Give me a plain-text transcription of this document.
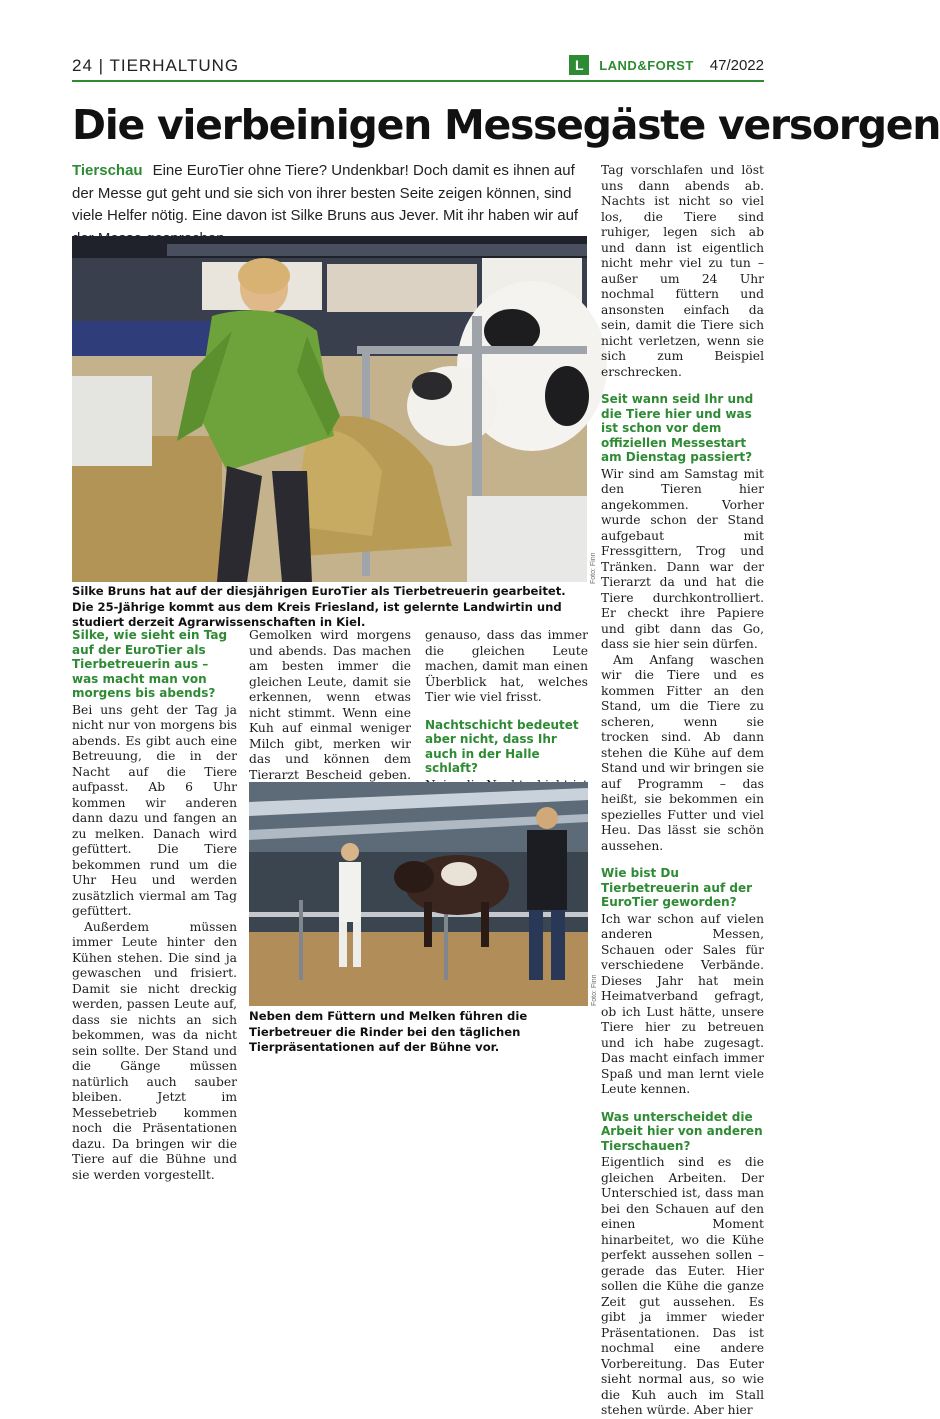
24 | TIERHALTUNG	L	LAND&FORST 47/2022
Die vierbeinigen Messegäste versorgen
Tierschau Eine EuroTier ohne Tiere? Undenkbar! Doch damit es ihnen auf der Messe gut geht und sie sich von ihrer besten Seite zeigen können, sind viele Helfer nötig. Eine davon ist Silke Bruns aus Jever. Mit ihr haben wir auf
Foto: Finn
Silke Bruns hat auf der diesjährigen EuroTier als Tierbetreuerin gearbeitet. Die 25-Jährige kommt aus dem Kreis Friesland, ist gelernte Landwirtin und studiert derzeit Agrarwissenschaften in Kiel.

Silke, wie sieht ein Tag auf der EuroTier als Tierbetreuerin aus – was macht man von morgens bis abends?

Bei uns geht der Tag ja nicht nur von morgens bis abends. Es gibt auch eine Betreuung, die in der Nacht auf die Tiere aufpasst. Ab 6 Uhr kommen wir anderen dann dazu und fangen an zu melken. Danach wird gefüttert. Die Tiere bekommen rund um die Uhr Heu und werden zusätzlich viermal am Tag gefüttert.

Außerdem müssen immer Leute hinter den Kühen stehen. Die sind ja gewaschen und frisiert. Damit sie nicht dreckig werden, passen Leute auf, dass sie nichts an sich bekommen, was da nicht sein sollte. Der Stand und die Gänge müssen natürlich auch sauber bleiben. Jetzt im Messebetrieb kommen noch die Präsentationen dazu. Da bringen wir die Tiere auf die Bühne und sie werden vorgestellt.

Gemolken wird morgens und abends. Das machen am besten immer die gleichen Leute, damit sie erkennen, wenn etwas nicht stimmt. Wenn eine Kuh auf einmal weniger Milch gibt, merken wir das und können dem Tierarzt Bescheid geben.

genauso, dass das immer die gleichen Leute machen, damit man einen Überblick hat, welches Tier wie viel frisst.

Nachtschicht bedeutet aber nicht, dass Ihr auch in der Halle schlaft?

Foto: Finn
Neben dem Füttern und Melken führen die Tierbetreuer die Rinder bei den täglichen Tierpräsentationen auf der Bühne vor.

Tag vorschlafen und löst uns dann abends ab. Nachts ist nicht so viel los, die Tiere sind ruhiger, legen sich ab und dann ist eigentlich nicht mehr viel zu tun – außer um 24 Uhr nochmal füttern und ansonsten einfach da sein, damit die Tiere sich nicht verletzen, wenn sie sich zum Beispiel erschrecken.

Seit wann seid Ihr und die Tiere hier und was ist schon vor dem offiziellen Messestart am Dienstag passiert?

Wir sind am Samstag mit den Tieren hier angekommen. Vorher wurde schon der Stand aufgebaut mit Fressgittern, Trog und Tränken. Dann war der Tierarzt da und hat die Tiere durchkontrolliert. Er checkt ihre Papiere und gibt dann das Go, dass sie hier sein dürfen.

Am Anfang waschen wir die Tiere und es kommen Fitter an den Stand, um die Tiere zu scheren, wenn sie trocken sind. Ab dann stehen die Kühe auf dem Stand und wir bringen sie auf Programm – das heißt, sie bekommen ein spezielles Futter und viel Heu. Das lässt sie schön aussehen.

Wie bist Du Tierbetreuerin auf der EuroTier geworden?

Ich war schon auf vielen anderen Messen, Schauen oder Sales für verschiedene Verbände. Dieses Jahr hat mein Heimatverband gefragt, ob ich Lust hätte, unsere Tiere hier zu betreuen und ich habe zugesagt. Das macht einfach immer Spaß und man lernt viele Leute kennen.

Was unterscheidet die Arbeit hier von anderen Tierschauen?

Eigentlich sind es die gleichen Arbeiten. Der Unterschied ist, dass man bei den Schauen auf den einen Moment hinarbeitet, wo die Kühe perfekt aussehen sollen – gerade das Euter. Hier sollen die Kühe die ganze Zeit gut aussehen. Es gibt ja immer wieder Präsentationen. Das ist nochmal eine andere Vorbereitung. Das Euter sieht normal aus, so wie die Kuh auch im Stall stehen würde. Aber hier
